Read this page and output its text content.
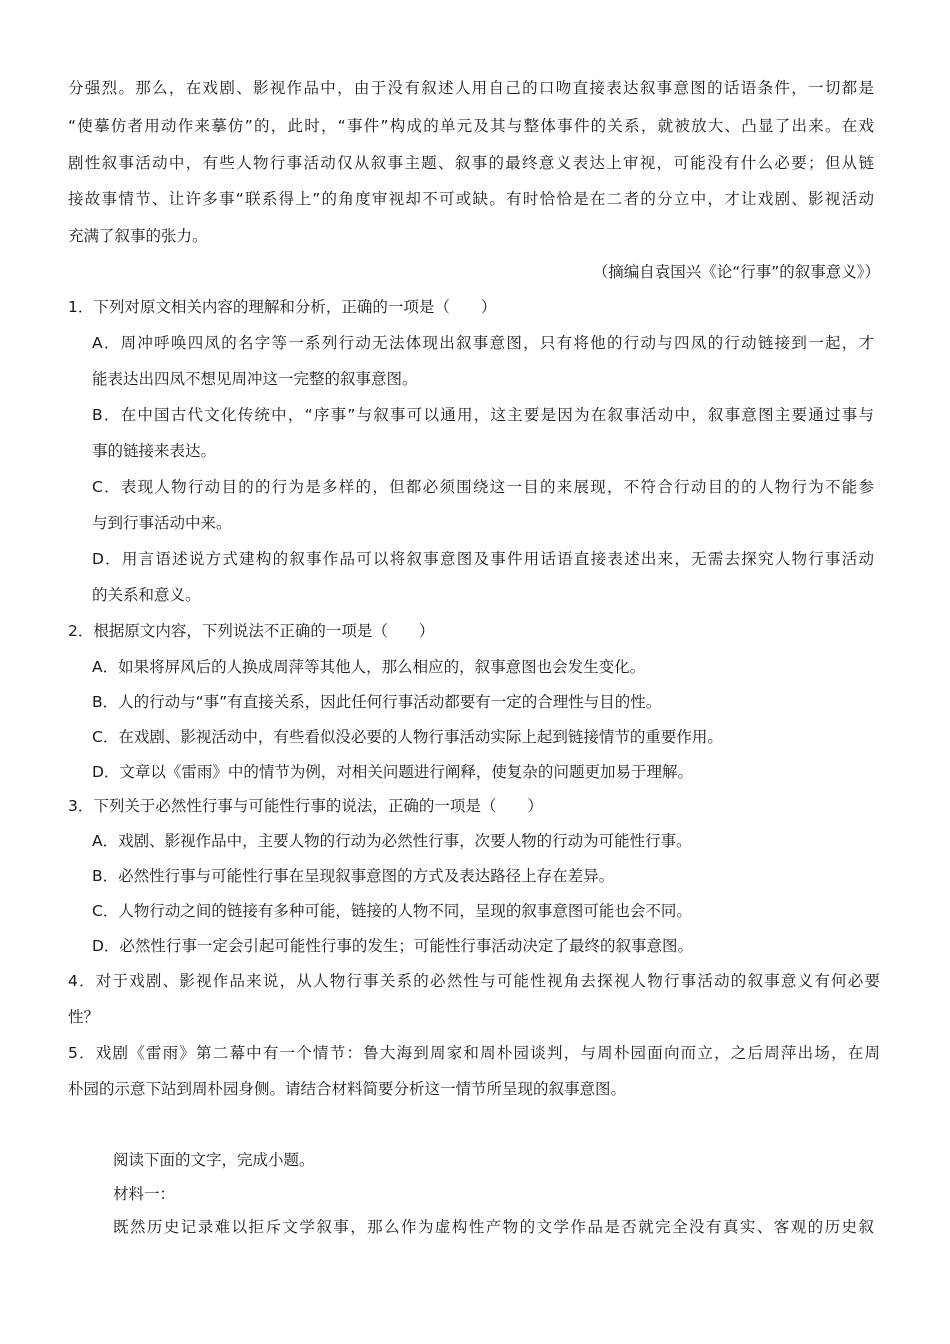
分强烈。那么，在戏剧、影视作品中，由于没有叙述人用自己的口吻直接表达叙事意图的话语条件，一切都是
“使摹仿者用动作来摹仿”的，此时，“事件”构成的单元及其与整体事件的关系，就被放大、凸显了出来。在戏
剧性叙事活动中，有些人物行事活动仅从叙事主题、叙事的最终意义表达上审视，可能没有什么必要；但从链
接故事情节、让许多事“联系得上”的角度审视却不可或缺。有时恰恰是在二者的分立中，才让戏剧、影视活动
充满了叙事的张力。
（摘编自袁国兴《论“行事”的叙事意义》）
1．下列对原文相关内容的理解和分析，正确的一项是（　　）
A．周冲呼唤四凤的名字等一系列行动无法体现出叙事意图，只有将他的行动与四凤的行动链接到一起，才
能表达出四凤不想见周冲这一完整的叙事意图。
B．在中国古代文化传统中，“序事”与叙事可以通用，这主要是因为在叙事活动中，叙事意图主要通过事与
事的链接来表达。
C．表现人物行动目的的行为是多样的，但都必须围绕这一目的来展现，不符合行动目的的人物行为不能参
与到行事活动中来。
D．用言语述说方式建构的叙事作品可以将叙事意图及事件用话语直接表述出来，无需去探究人物行事活动
的关系和意义。
2．根据原文内容，下列说法不正确的一项是（　　）
A．如果将屏风后的人换成周萍等其他人，那么相应的，叙事意图也会发生变化。
B．人的行动与“事”有直接关系，因此任何行事活动都要有一定的合理性与目的性。
C．在戏剧、影视活动中，有些看似没必要的人物行事活动实际上起到链接情节的重要作用。
D．文章以《雷雨》中的情节为例，对相关问题进行阐释，使复杂的问题更加易于理解。
3．下列关于必然性行事与可能性行事的说法，正确的一项是（　　）
A．戏剧、影视作品中，主要人物的行动为必然性行事，次要人物的行动为可能性行事。
B．必然性行事与可能性行事在呈现叙事意图的方式及表达路径上存在差异。
C．人物行动之间的链接有多种可能，链接的人物不同，呈现的叙事意图可能也会不同。
D．必然性行事一定会引起可能性行事的发生；可能性行事活动决定了最终的叙事意图。
4．对于戏剧、影视作品来说，从人物行事关系的必然性与可能性视角去探视人物行事活动的叙事意义有何必要
性？
5．戏剧《雷雨》第二幕中有一个情节：鲁大海到周家和周朴园谈判，与周朴园面向而立，之后周萍出场，在周
朴园的示意下站到周朴园身侧。请结合材料简要分析这一情节所呈现的叙事意图。
阅读下面的文字，完成小题。
材料一：
既然历史记录难以拒斥文学叙事，那么作为虚构性产物的文学作品是否就完全没有真实、客观的历史叙
